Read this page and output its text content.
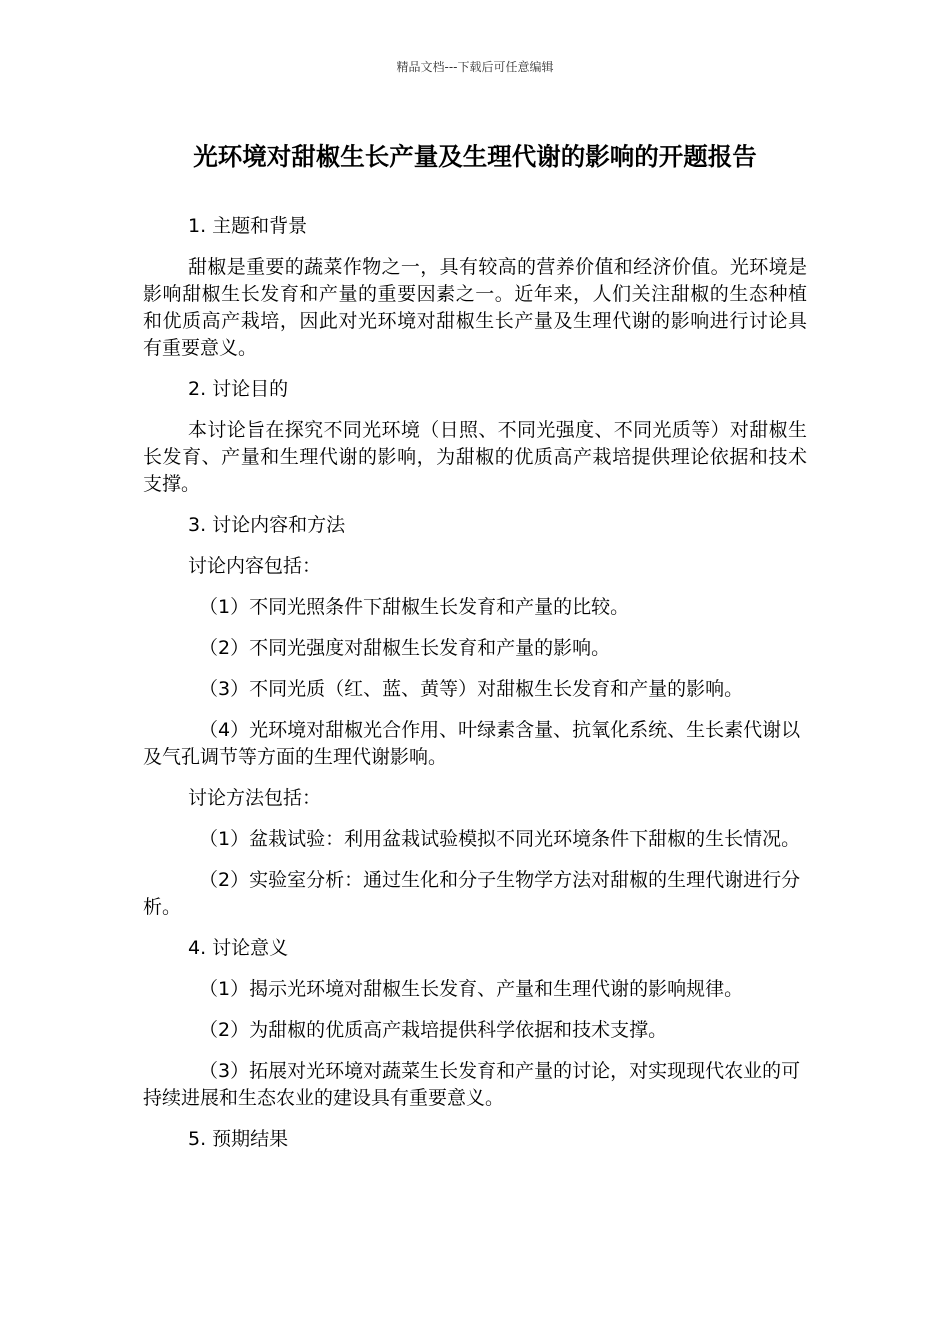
精品文档---下载后可任意编辑
光环境对甜椒生长产量及生理代谢的影响的开题报告

1. 主题和背景

甜椒是重要的蔬菜作物之一，具有较高的营养价值和经济价值。光环境是影响甜椒生长发育和产量的重要因素之一。近年来，人们关注甜椒的生态种植和优质高产栽培，因此对光环境对甜椒生长产量及生理代谢的影响进行讨论具有重要意义。

2. 讨论目的

本讨论旨在探究不同光环境（日照、不同光强度、不同光质等）对甜椒生长发育、产量和生理代谢的影响，为甜椒的优质高产栽培提供理论依据和技术支撑。

3. 讨论内容和方法

讨论内容包括：

（1）不同光照条件下甜椒生长发育和产量的比较。

（2）不同光强度对甜椒生长发育和产量的影响。

（3）不同光质（红、蓝、黄等）对甜椒生长发育和产量的影响。

（4）光环境对甜椒光合作用、叶绿素含量、抗氧化系统、生长素代谢以及气孔调节等方面的生理代谢影响。

讨论方法包括：

（1）盆栽试验：利用盆栽试验模拟不同光环境条件下甜椒的生长情况。

（2）实验室分析：通过生化和分子生物学方法对甜椒的生理代谢进行分析。

4. 讨论意义

（1）揭示光环境对甜椒生长发育、产量和生理代谢的影响规律。

（2）为甜椒的优质高产栽培提供科学依据和技术支撑。

（3）拓展对光环境对蔬菜生长发育和产量的讨论，对实现现代农业的可持续进展和生态农业的建设具有重要意义。

5. 预期结果
